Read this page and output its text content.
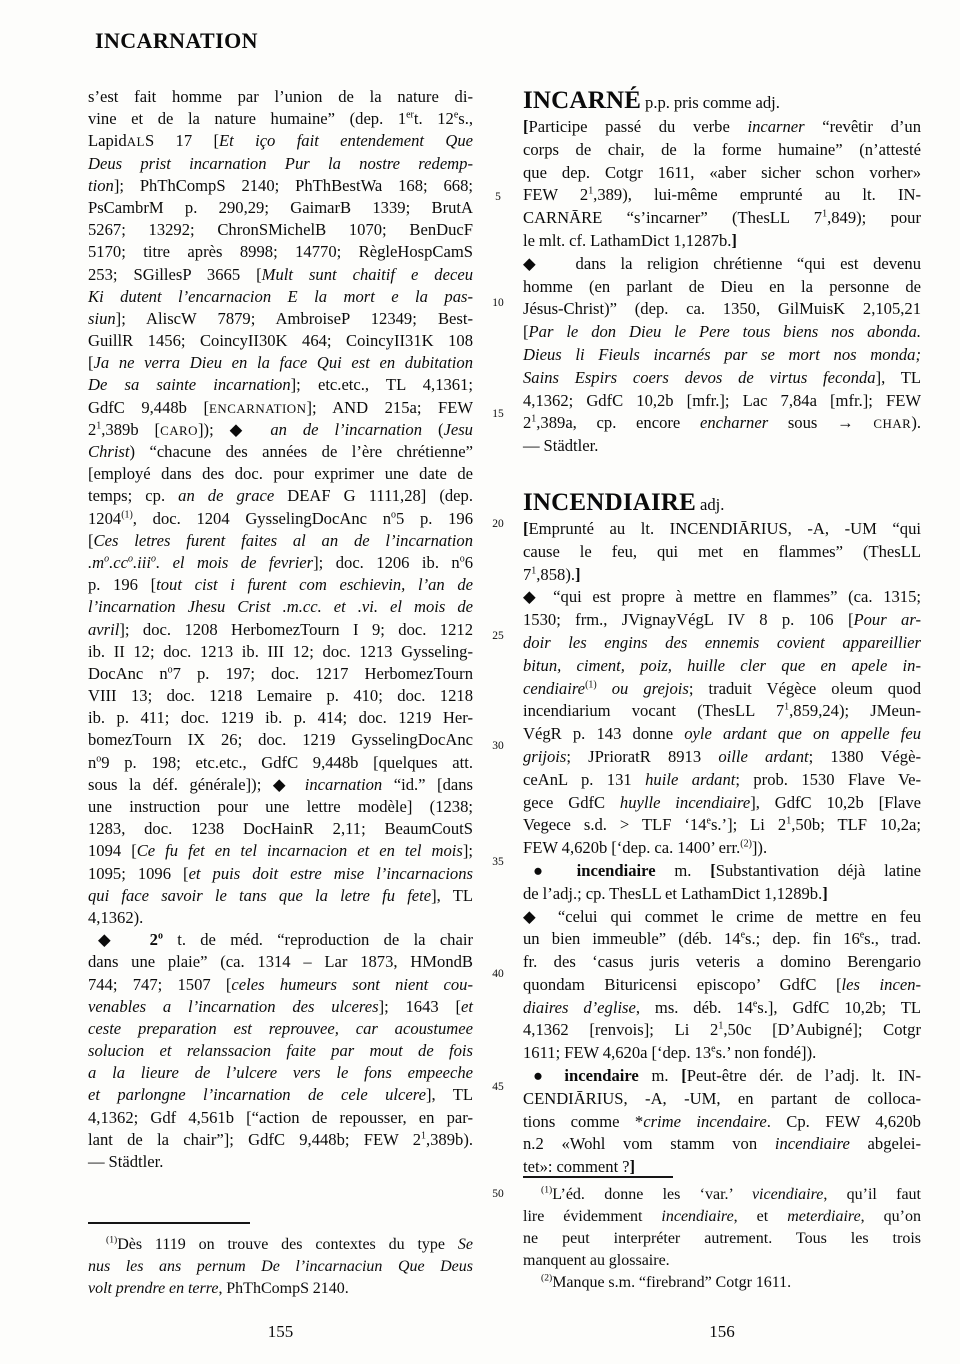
INCARNATION
s’est fait homme par l’union de la nature di-
vine et de la nature humaine” (dep. 1ert. 12es.,
LapidALS 17 [Et iço fait entendement Que
Deus prist incarnation Pur la nostre redemp-
tion]; PhThCompS 2140; PhThBestWa 168; 668;
PsCambrM p. 290,29; GaimarB 1339; BrutA
5267; 13292; ChronSMichelB 1070; BenDucF
5170; titre après 8998; 14770; RègleHospCamS
253; SGillesP 3665 [Mult sunt chaitif e deceu
Ki dutent l’encarnacion E la mort e la pas-
siun]; AliscW 7879; AmbroiseP 12349; Best-
GuillR 1456; CoincyII30K 464; CoincyII31K 108
[Ja ne verra Dieu en la face Qui est en dubitation
De sa sainte incarnation]; etc.etc., TL 4,1361;
GdfC 9,448b [ENCARNATION]; AND 215a; FEW
$2^1,389b$ [CARO]); ◆ an de l’incarnation (Jesu
Christ) “chacune des années de l’ère chrétienne”
[employé dans des doc. pour exprimer une date de
temps; cp. an de grace DEAF G 1111,28] (dep.
1204$^{(1)}$, doc. 1204 GysselingDocAnc $n^o5$ p. 196
[Ces letres furent faites al an de l’incarnation
$.m^o.cc^o.iii^o$. el mois de fevrier]; doc. 1206 ib. $n^o6$
p. 196 [tout cist i furent com eschievin, l’an de
l’incarnation Jhesu Crist .m.cc. et .vi. el mois de
avril]; doc. 1208 HerbomezTourn I 9; doc. 1212
ib. II 12; doc. 1213 ib. III 12; doc. 1213 Gysseling-
DocAnc $n^o7$ p. 197; doc. 1217 HerbomezTourn
VIII 13; doc. 1218 Lemaire p. 410; doc. 1218
ib. p. 411; doc. 1219 ib. p. 414; doc. 1219 Her-
bomezTourn IX 26; doc. 1219 GysselingDocAnc
$n^o9$ p. 198; etc.etc., GdfC 9,448b [quelques att.
sous la déf. générale]); ◆ incarnation “id.” [dans
une instruction pour une lettre modèle] (1238;
1283, doc. 1238 DocHainR 2,11; BeaumCoutS
1094 [Ce fu fet en tel incarnacion et en tel mois];
1095; 1096 [et puis doit estre mise l’incarnacions
qui face savoir le tans que la letre fu fete], TL
4,1362).
◆  2$^o$ t. de méd. “reproduction de la chair
dans une plaie” (ca. 1314 – Lar 1873, HMondB
744; 747; 1507 [celes humeurs sont nient cou-
venables a l’incarnation des ulceres]; 1643 [et
ceste preparation est reprouvee, car acoustumee
solucion et relanssacion faite par mout de fois
a la lieure de l’ulcere vers le fons empeeche
et parlongne l’incarnation de cele ulcere], TL
4,1362; Gdf 4,561b [“action de repousser, en par-
lant de la chair”]; GdfC 9,448b; FEW $2^1,389b$).
— Städtler.
5
10
15
20
25
30
35
40
45
50
INCARNÉ p.p. pris comme adj.
[Participe passé du verbe incarner “revêtir d’un
corps de chair, de la forme humaine” (n’attesté
que dep. Cotgr 1611, «aber sicher schon vorher»
FEW $2^1,389$), lui-même emprunté au lt. IN-
CARNĀRE “s’incarner” (ThesLL $7^1,849$); pour
le mlt. cf. LathamDict 1,1287b.]
◆  dans la religion chrétienne “qui est devenu
homme (en parlant de Dieu en la personne de
Jésus-Christ)” (dep. ca. 1350, GilMuisK 2,105,21
[Par le don Dieu le Pere tous biens nos abonda.
Dieus li Fieuls incarnés par se mort nos monda;
Sains Espirs coers devos de virtus feconda], TL
4,1362; GdfC 10,2b [mfr.]; Lac 7,84a [mfr.]; FEW
$2^1,389a$, cp. encore encharner sous → CHAR).
— Städtler.
INCENDIAIRE adj.
[Emprunté au lt. INCENDIĀRIUS, -A, -UM “qui
cause le feu, qui met en flammes” (ThesLL
$7^1,858$).]
◆ “qui est propre à mettre en flammes” (ca. 1315;
1530; frm., JVignayVégL IV 8 p. 106 [Pour ar-
doir les engins des ennemis covient appareillier
bitun, ciment, poiz, huille cler que en apele in-
cendiaire$^{(1)}$ ou grejois; traduit Végèce oleum quod
incendiarium vocant (ThesLL $7^1,859,24$); JMeun-
VégR p. 143 donne oyle ardant que on appelle feu
grijois; JPrioratR 8913 oille ardant; 1380 Végè-
ceAnL p. 131 huile ardant; prob. 1530 Flave Ve-
gece GdfC huylle incendiaire], GdfC 10,2b [Flave
Vegece s.d. > TLF ‘14es.’]; Li $2^1,50b$; TLF 10,2a;
FEW 4,620b [‘dep. ca. 1400’ err.$^{(2)}$]).
● incendiaire m. [Substantivation déjà latine
de l’adj.; cp. ThesLL et LathamDict 1,1289b.]
◆ “celui qui commet le crime de mettre en feu
un bien immeuble” (déb. 14es.; dep. fin 16es., trad.
fr. des ‘casus juris veteris a domino Berengario
quondam Bituricensi episcopo’ GdfC [les incen-
diaires d’eglise, ms. déb. 14es.], GdfC 10,2b; TL
4,1362 [renvois]; Li $2^1,50c$ [D’Aubigné]; Cotgr
1611; FEW 4,620a [‘dep. 13es.’ non fondé]).
● incendaire m. [Peut-être dér. de l’adj. lt. IN-
CENDIĀRIUS, -A, -UM, en partant de colloca-
tions comme *crime incendaire. Cp. FEW 4,620b
n.2 «Wohl vom stamm von incendiaire abgelei-
tet»: comment ?]
$^{(1)}$Dès 1119 on trouve des contextes du type Se
nus les ans pernum De l’incarnaciun Que Deus
volt prendre en terre, PhThCompS 2140.
$^{(1)}$L’éd. donne les ‘var.’ vicendiaire, qu’il faut
lire évidemment incendiaire, et meterdiaire, qu’on
ne peut interpréter autrement. Tous les trois
manquent au glossaire.
$^{(2)}$Manque s.m. “firebrand” Cotgr 1611.
155	156
